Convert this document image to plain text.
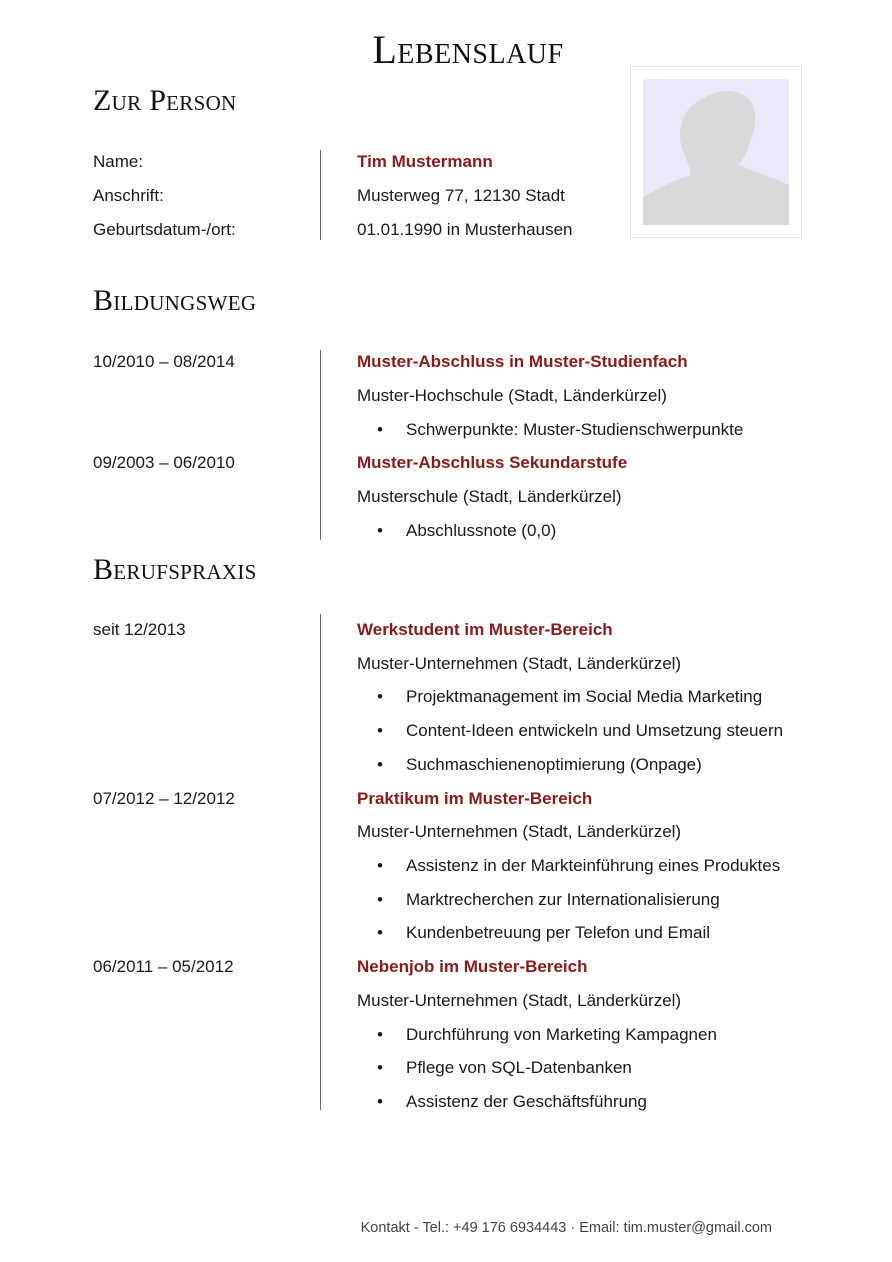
Lebenslauf
Zur Person
Name:	Tim Mustermann
Anschrift:	Musterweg 77, 12130 Stadt
Geburtsdatum-/ort:	01.01.1990 in Musterhausen
Bildungsweg
10/2010 – 08/2014	Muster-Abschluss in Muster-Studienfach
Muster-Hochschule (Stadt, Länderkürzel)
• Schwerpunkte: Muster-Studienschwerpunkte
09/2003 – 06/2010	Muster-Abschluss Sekundarstufe
Musterschule (Stadt, Länderkürzel)
• Abschlussnote (0,0)
Berufspraxis
seit 12/2013	Werkstudent im Muster-Bereich
Muster-Unternehmen (Stadt, Länderkürzel)
• Projektmanagement im Social Media Marketing
• Content-Ideen entwickeln und Umsetzung steuern
• Suchmaschienenoptimierung (Onpage)
07/2012 – 12/2012	Praktikum im Muster-Bereich
Muster-Unternehmen (Stadt, Länderkürzel)
• Assistenz in der Markteinführung eines Produktes
• Marktrecherchen zur Internationalisierung
• Kundenbetreuung per Telefon und Email
06/2011 – 05/2012	Nebenjob im Muster-Bereich
Muster-Unternehmen (Stadt, Länderkürzel)
• Durchführung von Marketing Kampagnen
• Pflege von SQL-Datenbanken
• Assistenz der Geschäftsführung
Kontakt - Tel.: +49 176 6934443 · Email: tim.muster@gmail.com
